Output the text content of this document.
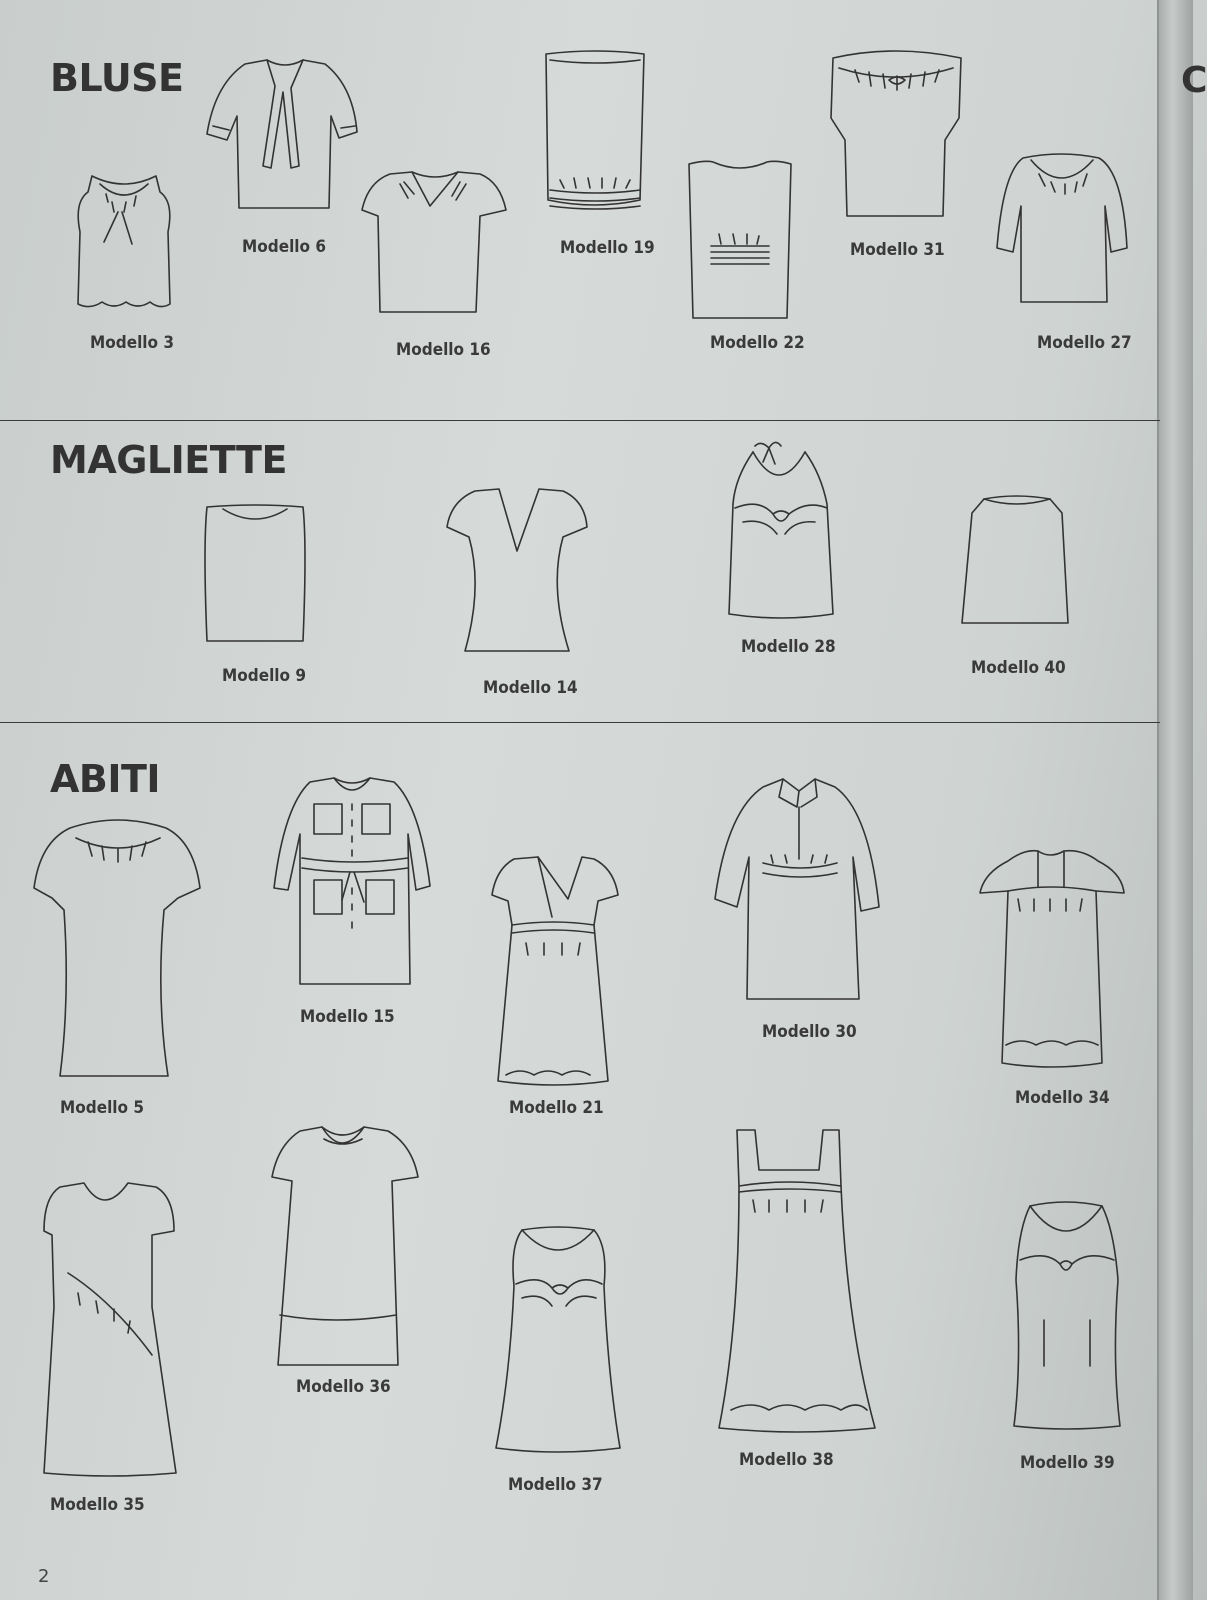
C
BLUSE
MAGLIETTE
ABITI
Modello 3
Modello 6
Modello 16
Modello 19
Modello 22
Modello 31
Modello 27
Modello 9
Modello 14
Modello 28
Modello 40
Modello 5
Modello 15
Modello 21
Modello 30
Modello 34
Modello 35
Modello 36
Modello 37
Modello 38	Modello 39
2
